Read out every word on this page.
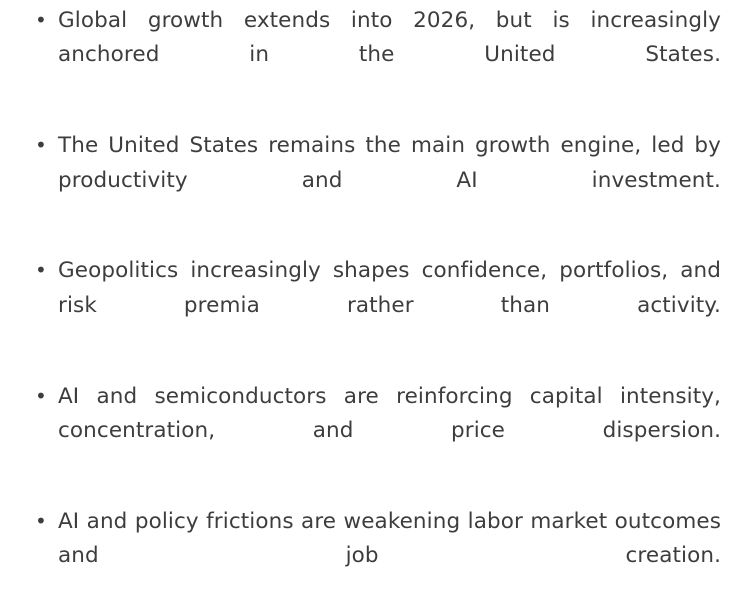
• Global growth extends into 2026, but is increasingly anchored in the United States.
• The United States remains the main growth engine, led by productivity and AI investment.
• Geopolitics increasingly shapes confidence, portfolios, and risk premia rather than activity.
• AI and semiconductors are reinforcing capital intensity, concentration, and price dispersion.
• AI and policy frictions are weakening labor market outcomes and job creation.
